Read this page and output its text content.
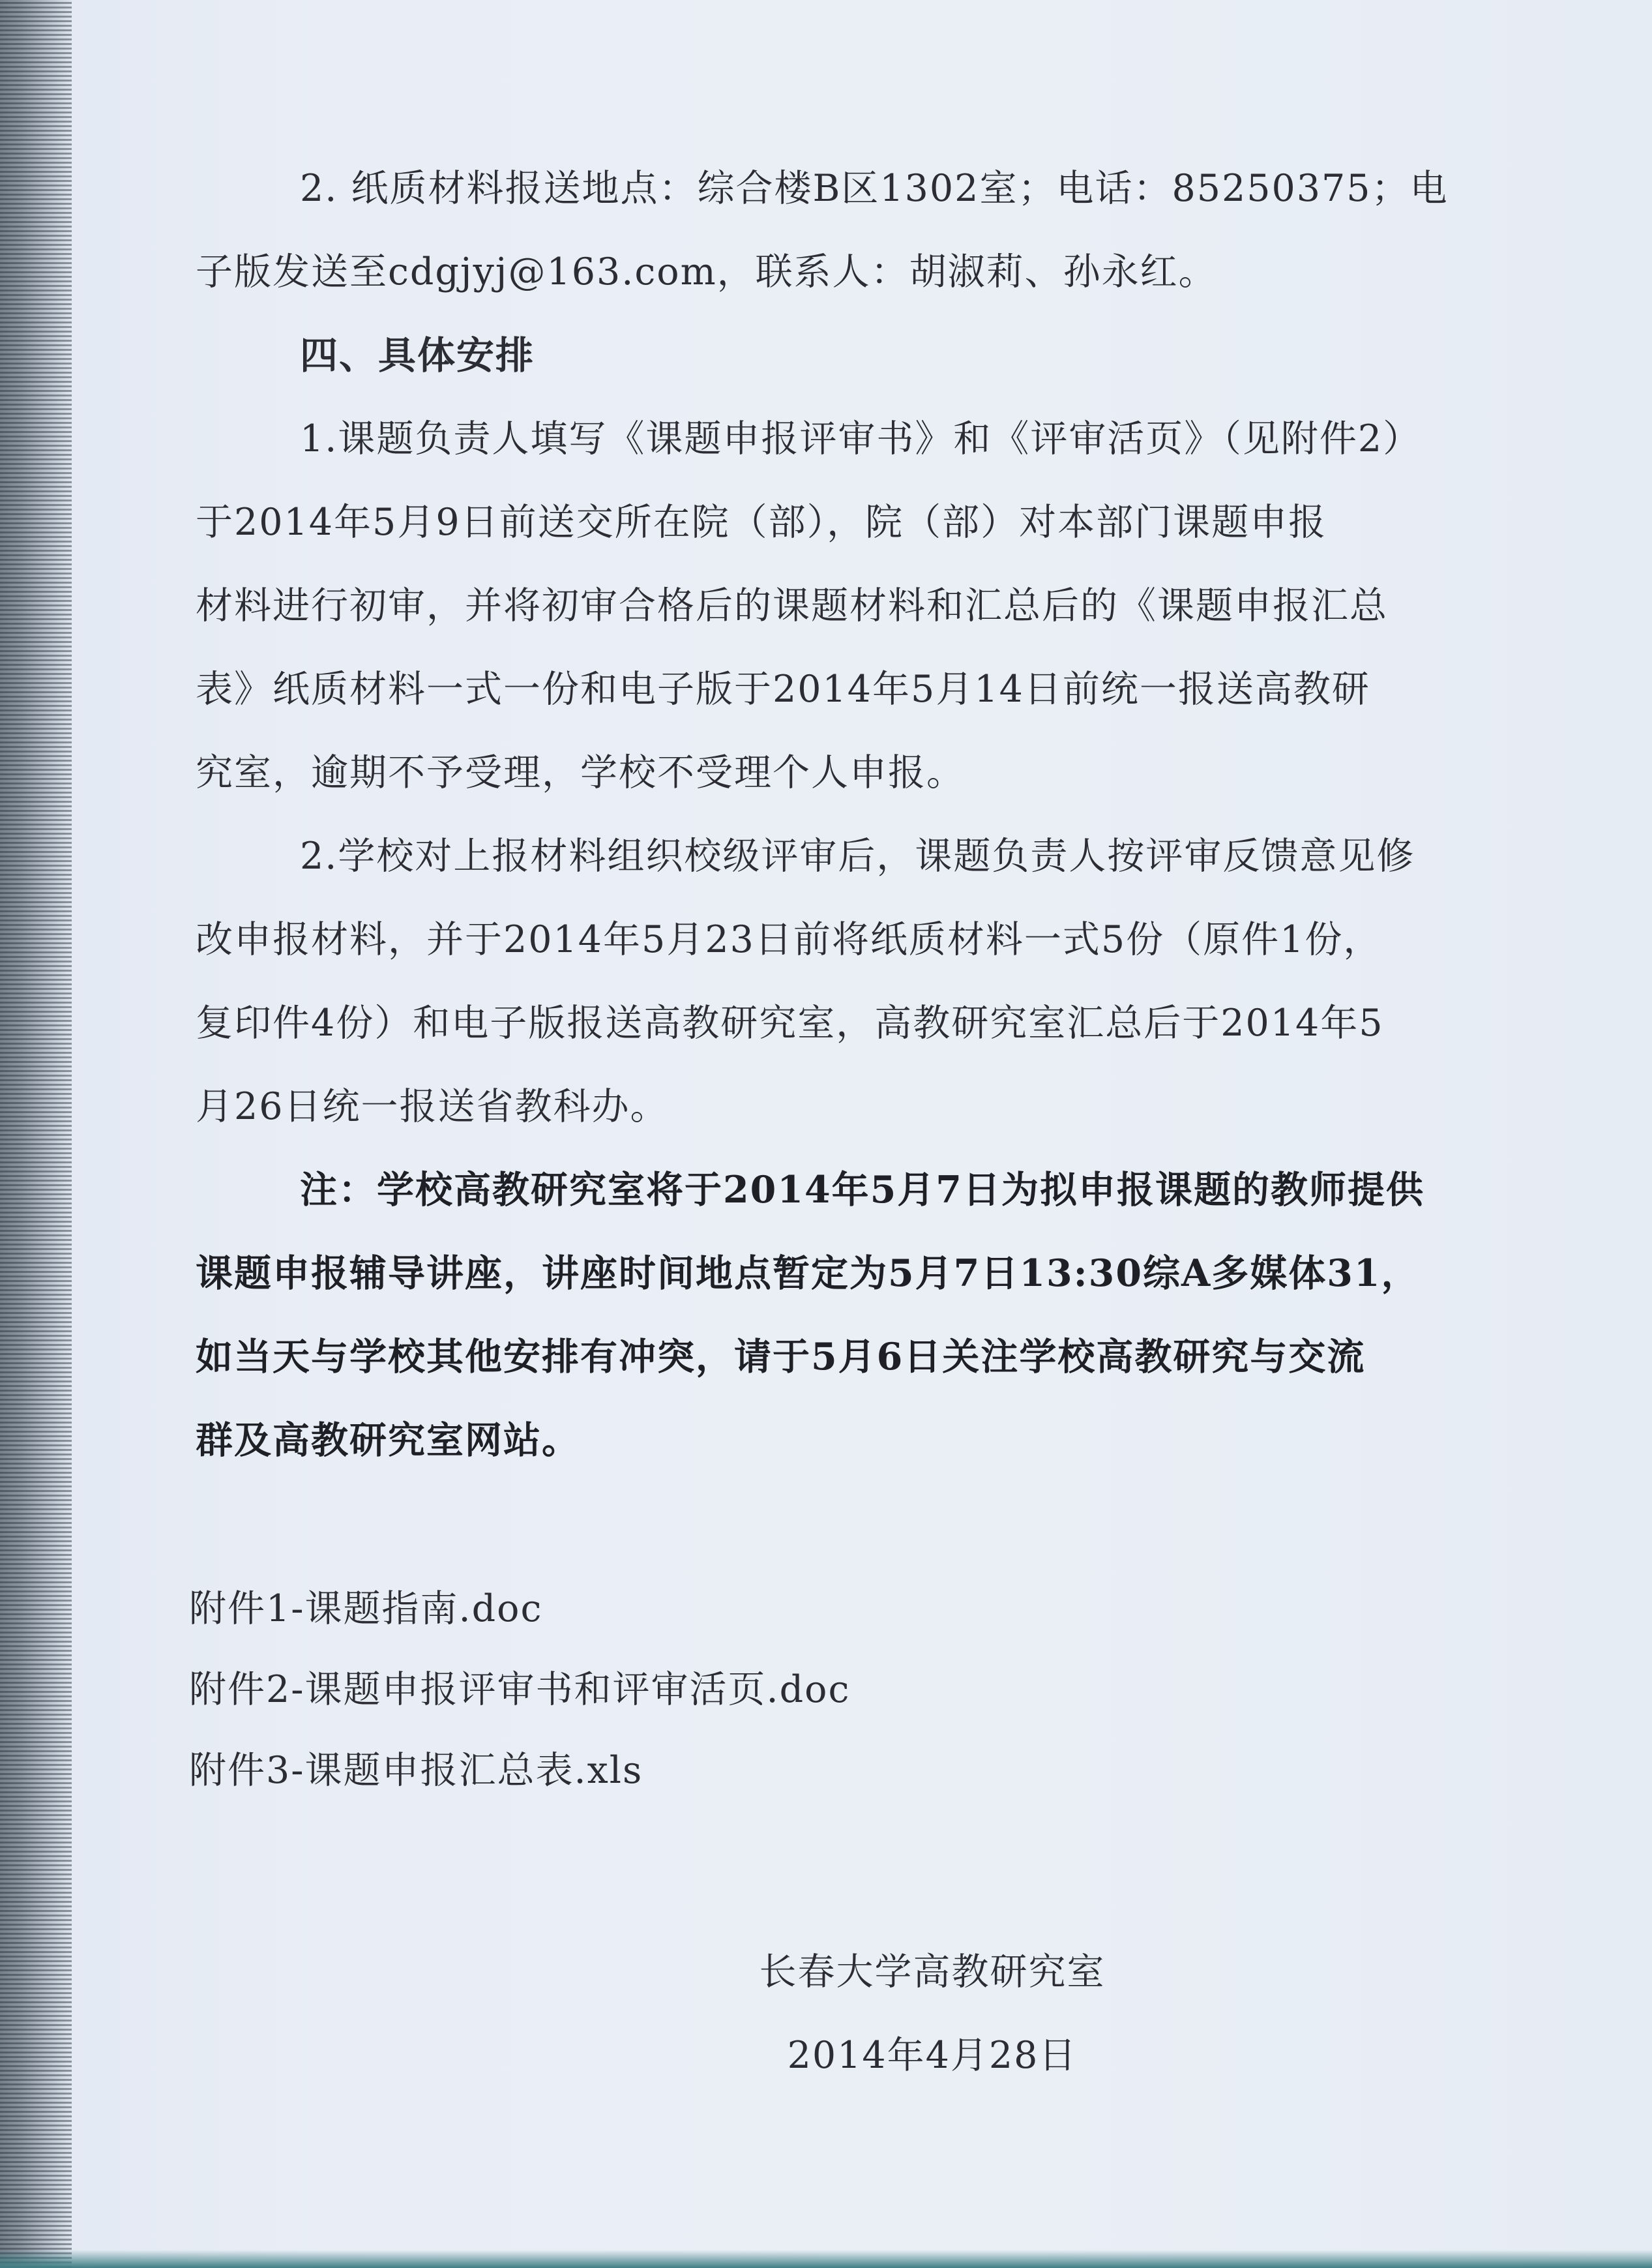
2. 纸质材料报送地点：综合楼B区1302室；电话：85250375；电
子版发送至cdgjyj@163.com，联系人：胡淑莉、孙永红。
四、具体安排
1.课题负责人填写《课题申报评审书》和《评审活页》（见附件2）
于2014年5月9日前送交所在院（部），院（部）对本部门课题申报
材料进行初审，并将初审合格后的课题材料和汇总后的《课题申报汇总
表》纸质材料一式一份和电子版于2014年5月14日前统一报送高教研
究室，逾期不予受理，学校不受理个人申报。
2.学校对上报材料组织校级评审后，课题负责人按评审反馈意见修
改申报材料，并于2014年5月23日前将纸质材料一式5份（原件1份，
复印件4份）和电子版报送高教研究室，高教研究室汇总后于2014年5
月26日统一报送省教科办。
注：学校高教研究室将于2014年5月7日为拟申报课题的教师提供
课题申报辅导讲座，讲座时间地点暂定为5月7日13:30综A多媒体31，
如当天与学校其他安排有冲突，请于5月6日关注学校高教研究与交流
群及高教研究室网站。
附件1-课题指南.doc
附件2-课题申报评审书和评审活页.doc
附件3-课题申报汇总表.xls
长春大学高教研究室
2014年4月28日
